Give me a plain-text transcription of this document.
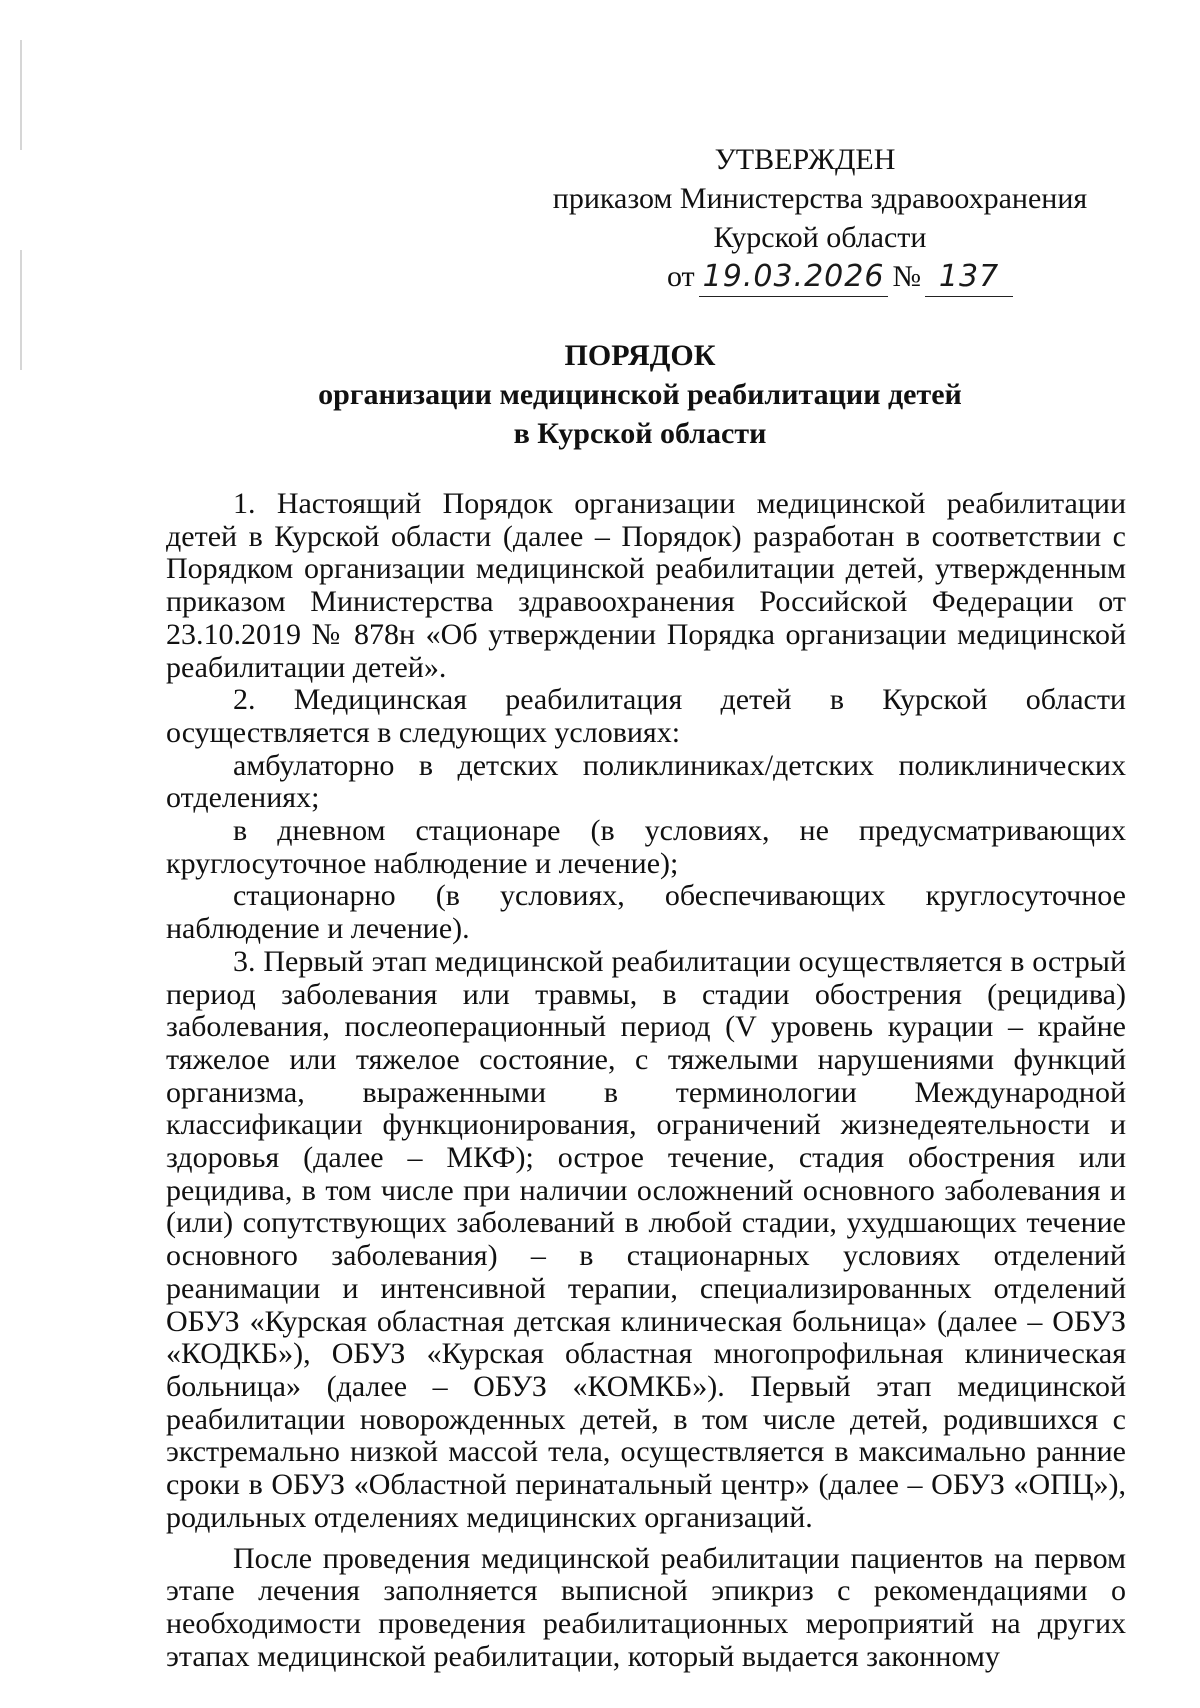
УТВЕРЖДЕН
приказом Министерства здравоохранения
Курской области
от 19.03.2026 № 137
ПОРЯДОК
организации медицинской реабилитации детей
в Курской области

1. Настоящий Порядок организации медицинской реабилитации детей в Курской области (далее – Порядок) разработан в соответствии с Порядком организации медицинской реабилитации детей, утвержденным приказом Министерства здравоохранения Российской Федерации от 23.10.2019 № 878н «Об утверждении Порядка организации медицинской реабилитации детей».

2. Медицинская реабилитация детей в Курской области осуществляется в следующих условиях:

амбулаторно в детских поликлиниках/детских поликлинических отделениях;

в дневном стационаре (в условиях, не предусматривающих круглосуточное наблюдение и лечение);

стационарно (в условиях, обеспечивающих круглосуточное наблюдение и лечение).

3. Первый этап медицинской реабилитации осуществляется в острый период заболевания или травмы, в стадии обострения (рецидива) заболевания, послеоперационный период (V уровень курации – крайне тяжелое или тяжелое состояние, с тяжелыми нарушениями функций организма, выраженными в терминологии Международной классификации функционирования, ограничений жизнедеятельности и здоровья (далее – МКФ); острое течение, стадия обострения или рецидива, в том числе при наличии осложнений основного заболевания и (или) сопутствующих заболеваний в любой стадии, ухудшающих течение основного заболевания) – в стационарных условиях отделений реанимации и интенсивной терапии, специализированных отделений ОБУЗ «Курская областная детская клиническая больница» (далее – ОБУЗ «КОДКБ»), ОБУЗ «Курская областная многопрофильная клиническая больница» (далее – ОБУЗ «КОМКБ»). Первый этап медицинской реабилитации новорожденных детей, в том числе детей, родившихся с экстремально низкой массой тела, осуществляется в максимально ранние сроки в ОБУЗ «Областной перинатальный центр» (далее – ОБУЗ «ОПЦ»), родильных отделениях медицинских организаций.

После проведения медицинской реабилитации пациентов на первом этапе лечения заполняется выписной эпикриз с рекомендациями о необходимости проведения реабилитационных мероприятий на других этапах медицинской реабилитации, который выдается законному
